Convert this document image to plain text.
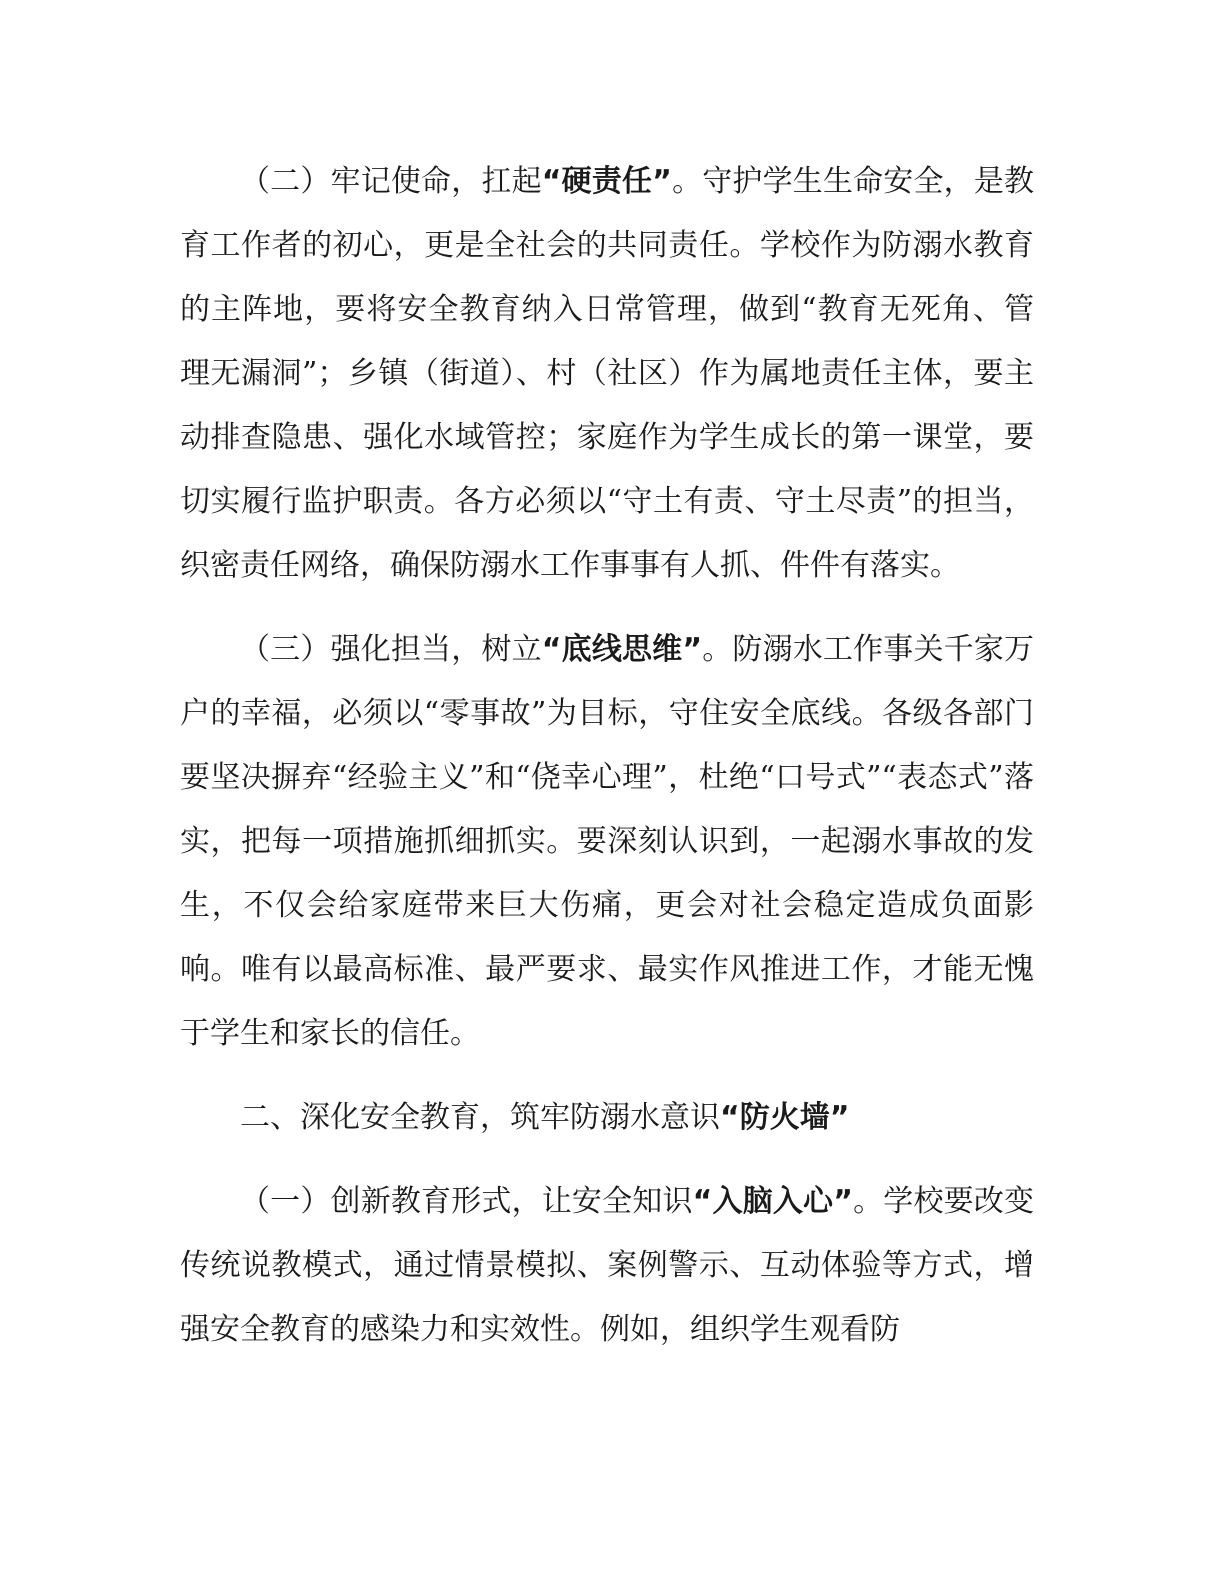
（二）牢记使命，扛起“硬责任”。守护学生生命安全，是教育工作者的初心，更是全社会的共同责任。学校作为防溺水教育的主阵地，要将安全教育纳入日常管理，做到“教育无死角、管理无漏洞”；乡镇（街道）、村（社区）作为属地责任主体，要主动排查隐患、强化水域管控；家庭作为学生成长的第一课堂，要切实履行监护职责。各方必须以“守土有责、守土尽责”的担当，织密责任网络，确保防溺水工作事事有人抓、件件有落实。

（三）强化担当，树立“底线思维”。防溺水工作事关千家万户的幸福，必须以“零事故”为目标，守住安全底线。各级各部门要坚决摒弃“经验主义”和“侥幸心理”，杜绝“口号式”“表态式”落实，把每一项措施抓细抓实。要深刻认识到，一起溺水事故的发生，不仅会给家庭带来巨大伤痛，更会对社会稳定造成负面影响。唯有以最高标准、最严要求、最实作风推进工作，才能无愧于学生和家长的信任。

二、深化安全教育，筑牢防溺水意识“防火墙”

（一）创新教育形式，让安全知识“入脑入心”。学校要改变传统说教模式，通过情景模拟、案例警示、互动体验等方式，增强安全教育的感染力和实效性。例如，组织学生观看防
